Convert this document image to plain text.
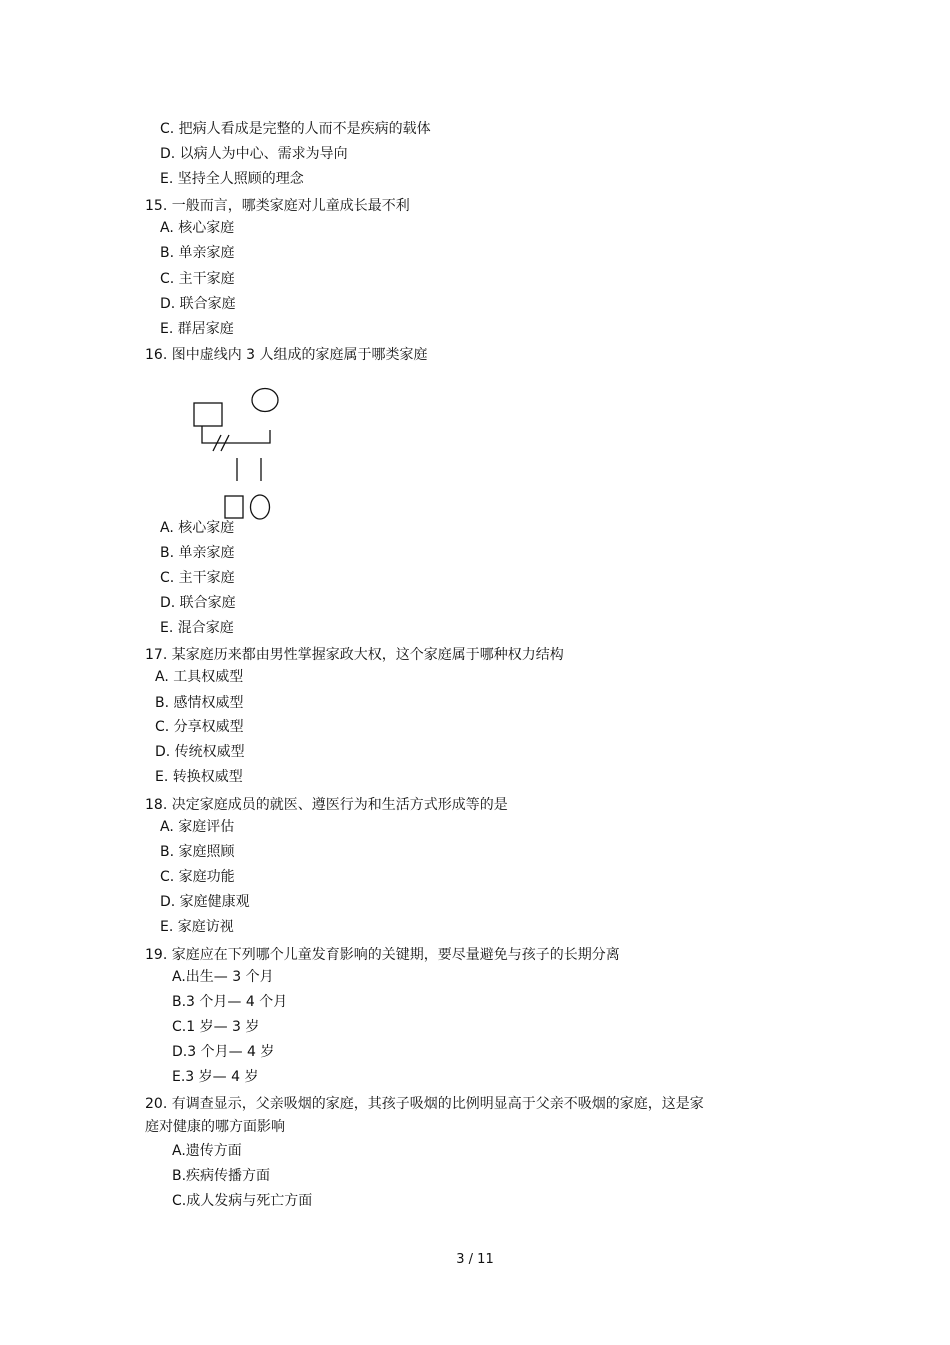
C. 把病人看成是完整的人而不是疾病的载体
D. 以病人为中心、需求为导向
E. 坚持全人照顾的理念
15. 一般而言，哪类家庭对儿童成长最不利
A. 核心家庭
B. 单亲家庭
C. 主干家庭
D. 联合家庭
E. 群居家庭
16. 图中虚线内 3 人组成的家庭属于哪类家庭
A. 核心家庭
B. 单亲家庭
C. 主干家庭
D. 联合家庭
E. 混合家庭
17. 某家庭历来都由男性掌握家政大权，这个家庭属于哪种权力结构
A. 工具权威型
B. 感情权威型
C. 分享权威型
D. 传统权威型
E. 转换权威型
18. 决定家庭成员的就医、遵医行为和生活方式形成等的是
A. 家庭评估
B. 家庭照顾
C. 家庭功能
D. 家庭健康观
E. 家庭访视
19. 家庭应在下列哪个儿童发育影响的关键期，要尽量避免与孩子的长期分离
A.出生— 3 个月
B.3 个月— 4 个月
C.1 岁— 3 岁
D.3 个月— 4 岁
E.3 岁— 4 岁
20. 有调查显示，父亲吸烟的家庭，其孩子吸烟的比例明显高于父亲不吸烟的家庭，这是家
庭对健康的哪方面影响
A.遗传方面
B.疾病传播方面
C.成人发病与死亡方面
3 / 11
